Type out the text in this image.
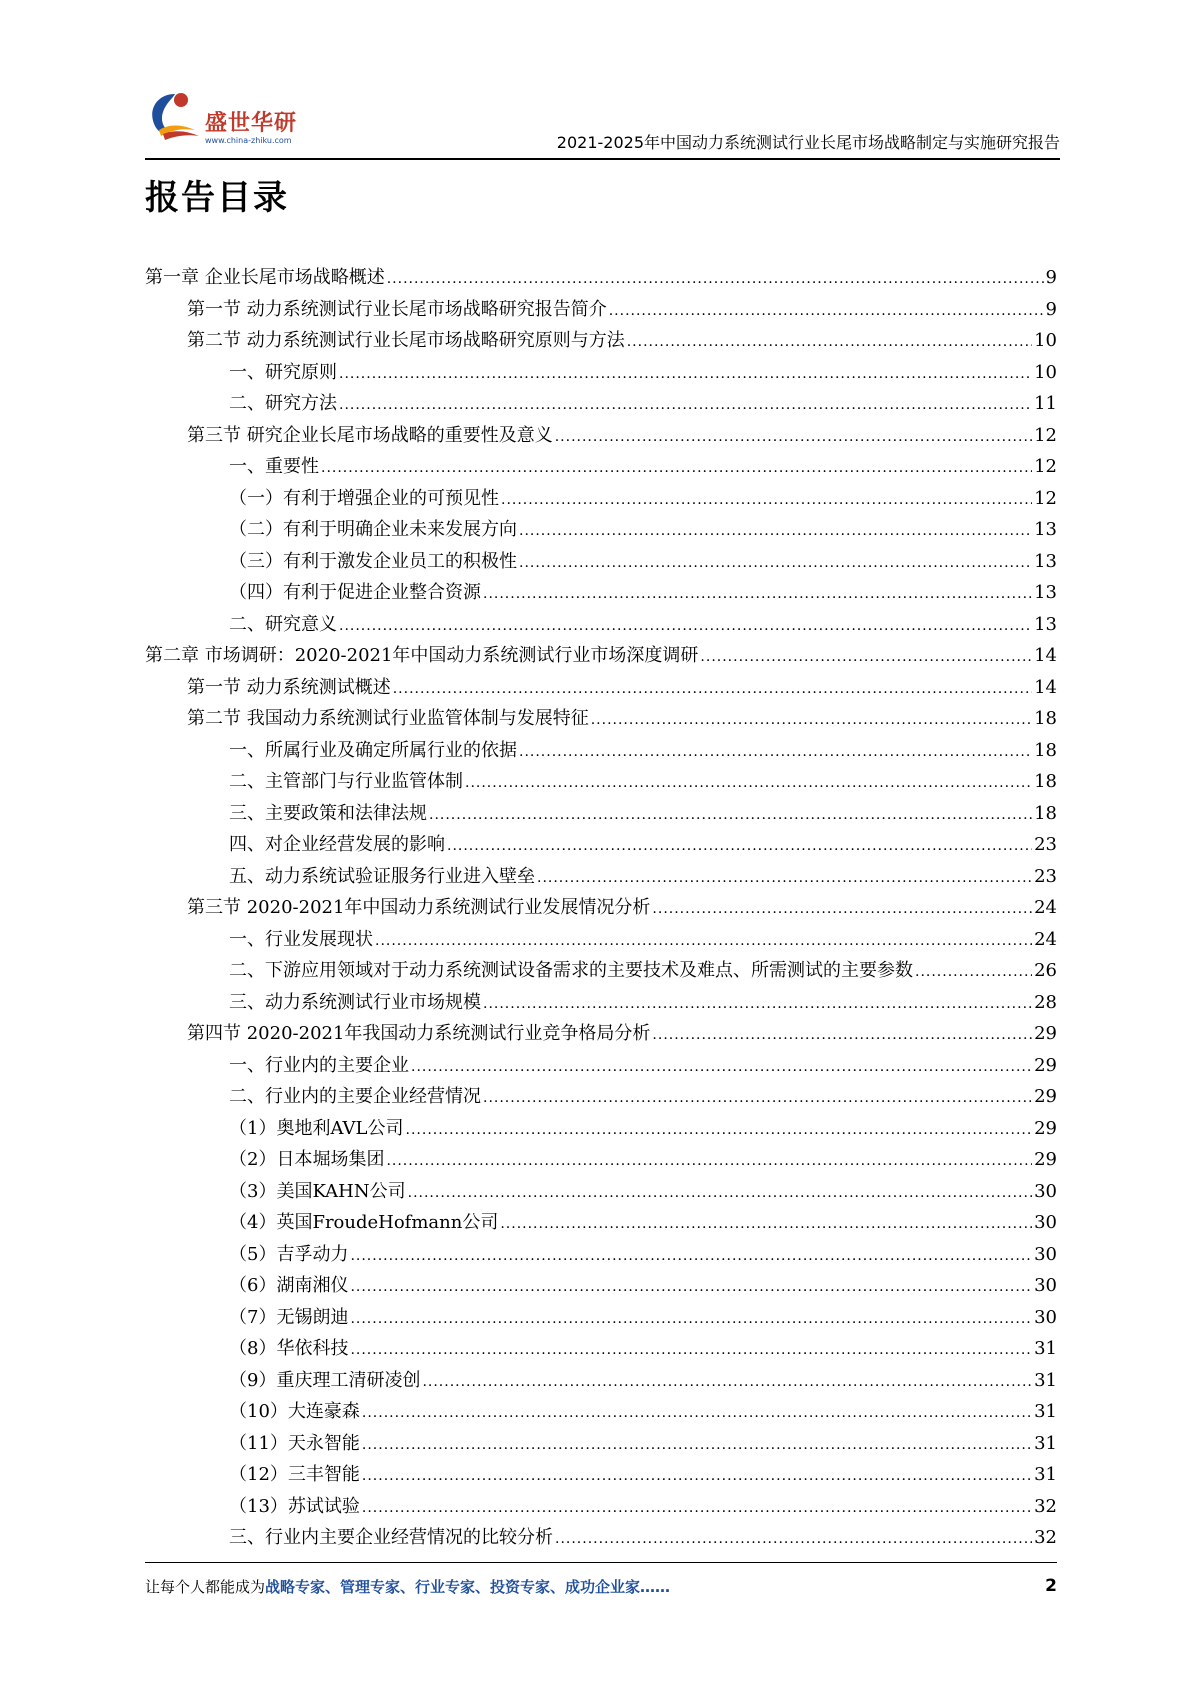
盛世华研
www.china-zhiku.com	2021-2025年中国动力系统测试行业长尾市场战略制定与实施研究报告
报告目录
第一章 企业长尾市场战略概述 .....	9
第一节 动力系统测试行业长尾市场战略研究报告简介 .....	9
第二节 动力系统测试行业长尾市场战略研究原则与方法 .....	10
一、研究原则 .....	10
二、研究方法 .....	11
第三节 研究企业长尾市场战略的重要性及意义 .....	12
一、重要性 .....	12
（一）有利于增强企业的可预见性 .....	12
（二）有利于明确企业未来发展方向 .....	13
（三）有利于激发企业员工的积极性 .....	13
（四）有利于促进企业整合资源 .....	13
二、研究意义 .....	13
第二章 市场调研：2020-2021年中国动力系统测试行业市场深度调研 .....	14
第一节 动力系统测试概述 .....	14
第二节 我国动力系统测试行业监管体制与发展特征 .....	18
一、所属行业及确定所属行业的依据 .....	18
二、主管部门与行业监管体制 .....	18
三、主要政策和法律法规 .....	18
四、对企业经营发展的影响 .....	23
五、动力系统试验证服务行业进入壁垒 .....	23
第三节 2020-2021年中国动力系统测试行业发展情况分析 .....	24
一、行业发展现状 .....	24
二、下游应用领域对于动力系统测试设备需求的主要技术及难点、所需测试的主要参数 .....	26
三、动力系统测试行业市场规模 .....	28
第四节 2020-2021年我国动力系统测试行业竞争格局分析 .....	29
一、行业内的主要企业 .....	29
二、行业内的主要企业经营情况 .....	29
（1）奥地利AVL公司 .....	29
（2）日本堀场集团 .....	29
（3）美国KAHN公司 .....	30
（4）英国FroudeHofmann公司 .....	30
（5）吉孚动力 .....	30
（6）湖南湘仪 .....	30
（7）无锡朗迪 .....	30
（8）华依科技 .....	31
（9）重庆理工清研凌创 .....	31
（10）大连豪森 .....	31
（11）天永智能 .....	31
（12）三丰智能 .....	31
（13）苏试试验 .....	32
三、行业内主要企业经营情况的比较分析 .....	32
让每个人都能成为战略专家、管理专家、行业专家、投资专家、成功企业家……	2
